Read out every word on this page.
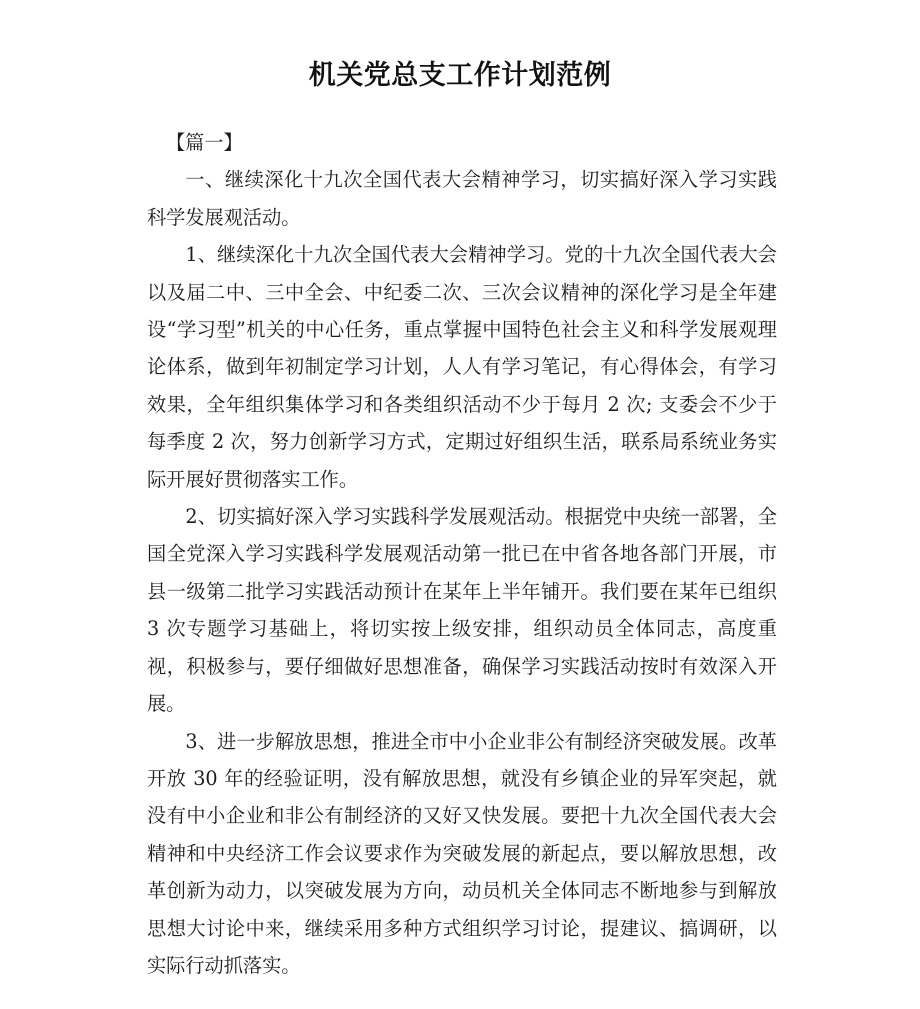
机关党总支工作计划范例

【篇一】

一、继续深化十九次全国代表大会精神学习，切实搞好深入学习实践科学发展观活动。

1、继续深化十九次全国代表大会精神学习。党的十九次全国代表大会以及届二中、三中全会、中纪委二次、三次会议精神的深化学习是全年建设“学习型”机关的中心任务，重点掌握中国特色社会主义和科学发展观理论体系，做到年初制定学习计划，人人有学习笔记，有心得体会，有学习效果，全年组织集体学习和各类组织活动不少于每月 2 次; 支委会不少于每季度 2 次，努力创新学习方式，定期过好组织生活，联系局系统业务实际开展好贯彻落实工作。

2、切实搞好深入学习实践科学发展观活动。根据党中央统一部署，全国全党深入学习实践科学发展观活动第一批已在中省各地各部门开展，市县一级第二批学习实践活动预计在某年上半年铺开。我们要在某年已组织 3 次专题学习基础上，将切实按上级安排，组织动员全体同志，高度重视，积极参与，要仔细做好思想准备，确保学习实践活动按时有效深入开展。

3、进一步解放思想，推进全市中小企业非公有制经济突破发展。改革开放 30 年的经验证明，没有解放思想，就没有乡镇企业的异军突起，就没有中小企业和非公有制经济的又好又快发展。要把十九次全国代表大会精神和中央经济工作会议要求作为突破发展的新起点，要以解放思想，改革创新为动力，以突破发展为方向，动员机关全体同志不断地参与到解放思想大讨论中来，继续采用多种方式组织学习讨论，提建议、搞调研，以实际行动抓落实。
